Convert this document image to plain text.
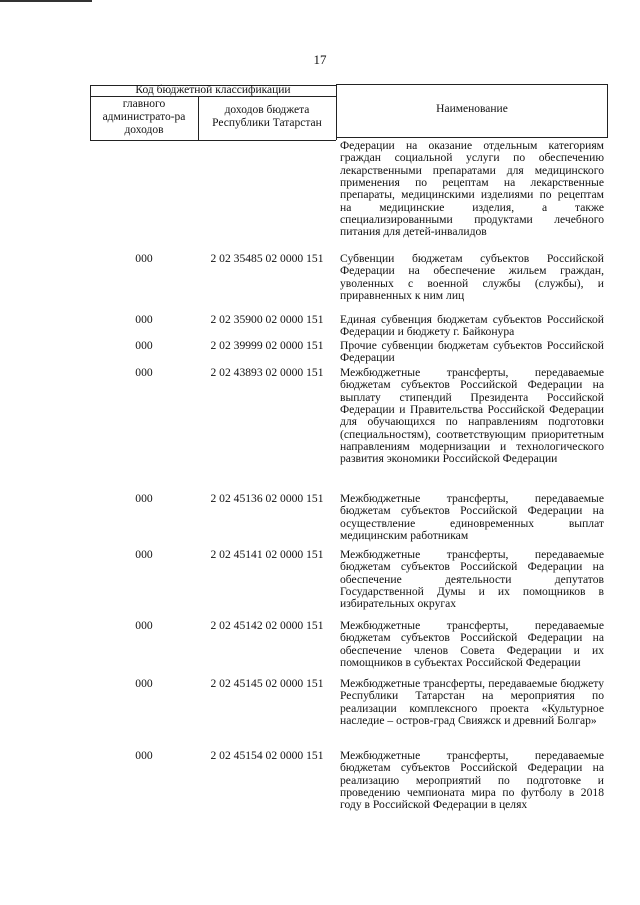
17
Код бюджетной классификации
главного администрато-ра доходов
доходов бюджета Республики Татарстан
Наименование
Федерации на оказание отдельным категориям граждан социальной услуги по обеспечению лекарственными препаратами для медицинского применения по рецептам на лекарственные препараты, медицинскими изделиями по рецептам на медицинские изделия, а также специализированными продуктами лечебного питания для детей-инвалидов
000	2 02 35485 02 0000 151	Субвенции бюджетам субъектов Российской Федерации на обеспечение жильем граждан, уволенных с военной службы (службы), и приравненных к ним лиц
000	2 02 35900 02 0000 151	Единая субвенция бюджетам субъектов Российской Федерации и бюджету г. Байконура
000	2 02 39999 02 0000 151	Прочие субвенции бюджетам субъектов Российской Федерации
000	2 02 43893 02 0000 151	Межбюджетные трансферты, передаваемые бюджетам субъектов Российской Федерации на выплату стипендий Президента Российской Федерации и Правительства Российской Федерации для обучающихся по направлениям подготовки (специальностям), соответствующим приоритетным направлениям модернизации и технологического развития экономики Российской Федерации
000	2 02 45136 02 0000 151	Межбюджетные трансферты, передаваемые бюджетам субъектов Российской Федерации на осуществление единовременных выплат медицинским работникам
000	2 02 45141 02 0000 151	Межбюджетные трансферты, передаваемые бюджетам субъектов Российской Федерации на обеспечение деятельности депутатов Государственной Думы и их помощников в избирательных округах
000	2 02 45142 02 0000 151	Межбюджетные трансферты, передаваемые бюджетам субъектов Российской Федерации на обеспечение членов Совета Федерации и их помощников в субъектах Российской Федерации
000	2 02 45145 02 0000 151	Межбюджетные трансферты, передаваемые бюджету Республики Татарстан на мероприятия по реализации комплексного проекта «Культурное наследие – остров-град Свияжск и древний Болгар»
000	2 02 45154 02 0000 151	Межбюджетные трансферты, передаваемые бюджетам субъектов Российской Федерации на реализацию мероприятий по подготовке и проведению чемпионата мира по футболу в 2018 году в Российской Федерации в целях
